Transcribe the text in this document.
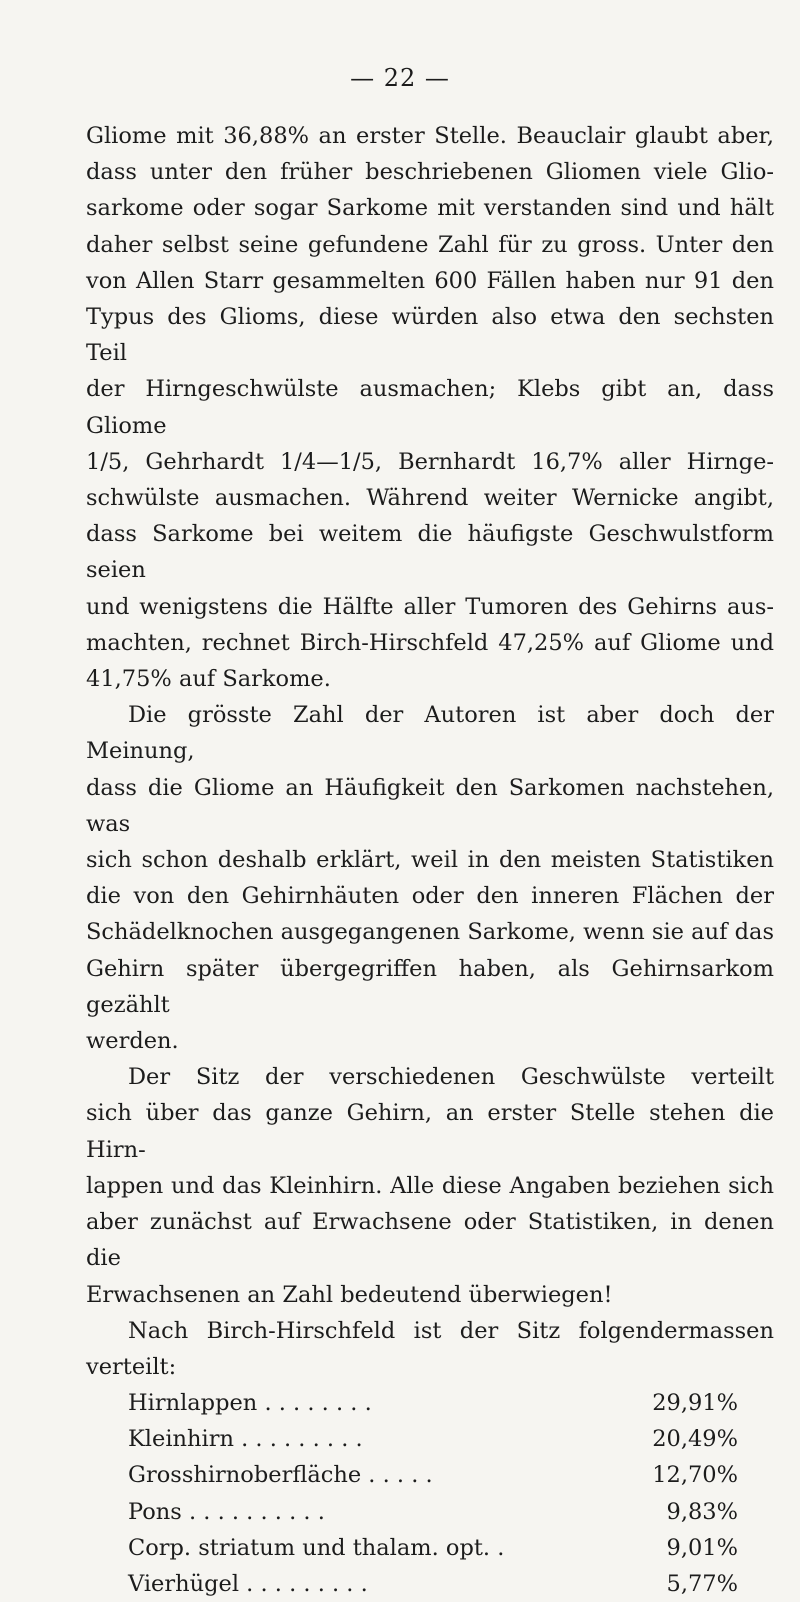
— 22 —
Gliome mit 36,88% an erster Stelle. Beauclair glaubt aber,
dass unter den früher beschriebenen Gliomen viele Glio-
sarkome oder sogar Sarkome mit verstanden sind und hält
daher selbst seine gefundene Zahl für zu gross. Unter den
von Allen Starr gesammelten 600 Fällen haben nur 91 den
Typus des Glioms, diese würden also etwa den sechsten Teil
der Hirngeschwülste ausmachen; Klebs gibt an, dass Gliome
1/5, Gehrhardt 1/4—1/5, Bernhardt 16,7% aller Hirnge-
schwülste ausmachen. Während weiter Wernicke angibt,
dass Sarkome bei weitem die häufigste Geschwulstform seien
und wenigstens die Hälfte aller Tumoren des Gehirns aus-
machten, rechnet Birch-Hirschfeld 47,25% auf Gliome und
41,75% auf Sarkome.
Die grösste Zahl der Autoren ist aber doch der Meinung,
dass die Gliome an Häufigkeit den Sarkomen nachstehen, was
sich schon deshalb erklärt, weil in den meisten Statistiken
die von den Gehirnhäuten oder den inneren Flächen der
Schädelknochen ausgegangenen Sarkome, wenn sie auf das
Gehirn später übergegriffen haben, als Gehirnsarkom gezählt
werden.
Der Sitz der verschiedenen Geschwülste verteilt
sich über das ganze Gehirn, an erster Stelle stehen die Hirn-
lappen und das Kleinhirn. Alle diese Angaben beziehen sich
aber zunächst auf Erwachsene oder Statistiken, in denen die
Erwachsenen an Zahl bedeutend überwiegen!
Nach Birch-Hirschfeld ist der Sitz folgendermassen
verteilt:
Hirnlappen . . . . . . . .	29,91%
Kleinhirn . . . . . . . . .	20,49%
Grosshirnoberfläche . . . . .	12,70%
Pons . . . . . . . . . .	9,83%
Corp. striatum und thalam. opt. .	9,01%
Vierhügel . . . . . . . . .	5,77%
